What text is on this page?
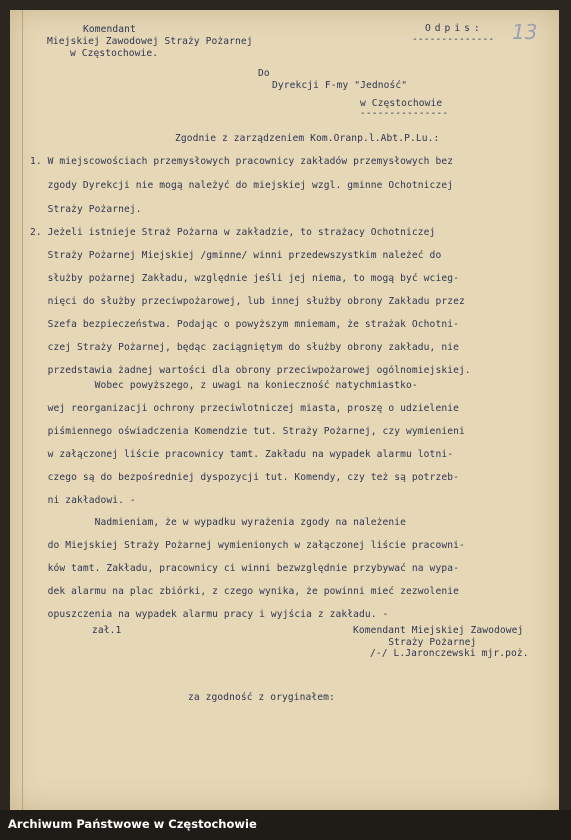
Komendant
Miejskiej Zawodowej Straży Pożarnej
w Częstochowie.
Odpis:
-------------- 13
Do
Dyrekcji F-my "Jedność"
w Częstochowie
---------------
Zgodnie z zarządzeniem Kom.Oranp.l.Abt.P.Lu.:
1. W miejscowościach przemysłowych pracownicy zakładów przemysłowych bez
zgody Dyrekcji nie mogą należyć do miejskiej wzgl. gminne Ochotniczej
Straży Pożarnej.
2. Jeżeli istnieje Straż Pożarna w zakładzie, to strażacy Ochotniczej
Straży Pożarnej Miejskiej /gminne/ winni przedewszystkim należeć do
służby pożarnej Zakładu, względnie jeśli jej niema, to mogą być wcieg-
nięci do służby przeciwpożarowej, lub innej służby obrony Zakładu przez
Szefa bezpieczeństwa. Podając o powyższym mniemam, że strażak Ochotni-
czej Straży Pożarnej, będąc zaciągniętym do służby obrony zakładu, nie
przedstawia żadnej wartości dla obrony przeciwpożarowej ogólnomiejskiej.
Wobec powyższego, z uwagi na konieczność natychmiastko-
wej reorganizacji ochrony przeciwlotniczej miasta, proszę o udzielenie
piśmiennego oświadczenia Komendzie tut. Straży Pożarnej, czy wymienieni
w załączonej liście pracownicy tamt. Zakładu na wypadek alarmu lotni-
czego są do bezpośredniej dyspozycji tut. Komendy, czy też są potrzeb-
ni zakładowi. -
Nadmieniam, że w wypadku wyrażenia zgody na należenie
do Miejskiej Straży Pożarnej wymienionych w załączonej liście pracowni-
ków tamt. Zakładu, pracownicy ci winni bezwzględnie przybywać na wypa-
dek alarmu na plac zbiórki, z czego wynika, że powinni mieć zezwolenie
opuszczenia na wypadek alarmu pracy i wyjścia z zakładu. -
zał.1	Komendant Miejskiej Zawodowej
Straży Pożarnej
/-/ L.Jaronczewski mjr.poż.
za zgodność z oryginałem:
Archiwum Państwowe w Częstochowie
